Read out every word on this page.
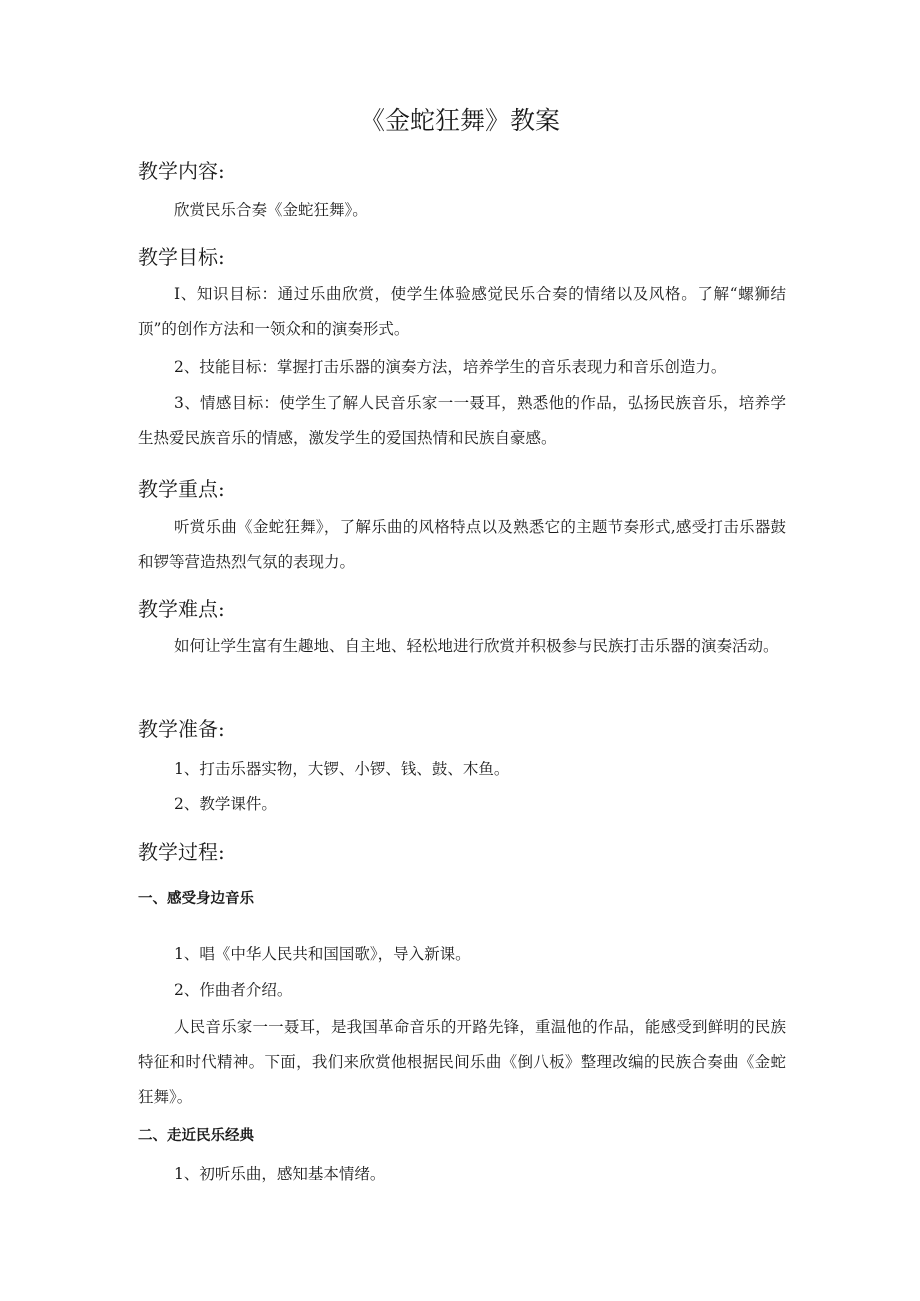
《金蛇狂舞》教案
教学内容:

欣赏民乐合奏《金蛇狂舞》。

教学目标:

I、知识目标：通过乐曲欣赏，使学生体验感觉民乐合奏的情绪以及风格。了解“螺狮结顶”的创作方法和一领众和的演奏形式。

2、技能目标：掌握打击乐器的演奏方法，培养学生的音乐表现力和音乐创造力。

3、情感目标：使学生了解人民音乐家一一聂耳，熟悉他的作品，弘扬民族音乐，培养学生热爱民族音乐的情感，激发学生的爱国热情和民族自豪感。

教学重点:

听赏乐曲《金蛇狂舞》，了解乐曲的风格特点以及熟悉它的主题节奏形式,感受打击乐器鼓和锣等营造热烈气氛的表现力。

教学难点:

如何让学生富有生趣地、自主地、轻松地进行欣赏并积极参与民族打击乐器的演奏活动。

教学准备:

1、打击乐器实物，大锣、小锣、钱、鼓、木鱼。

2、教学课件。

教学过程:
一、感受身边音乐

1、唱《中华人民共和国国歌》，导入新课。

2、作曲者介绍。

人民音乐家一一聂耳，是我国革命音乐的开路先锋，重温他的作品，能感受到鲜明的民族特征和时代精神。下面，我们来欣赏他根据民间乐曲《倒八板》整理改编的民族合奏曲《金蛇狂舞》。

二、走近民乐经典

1、初听乐曲，感知基本情绪。
